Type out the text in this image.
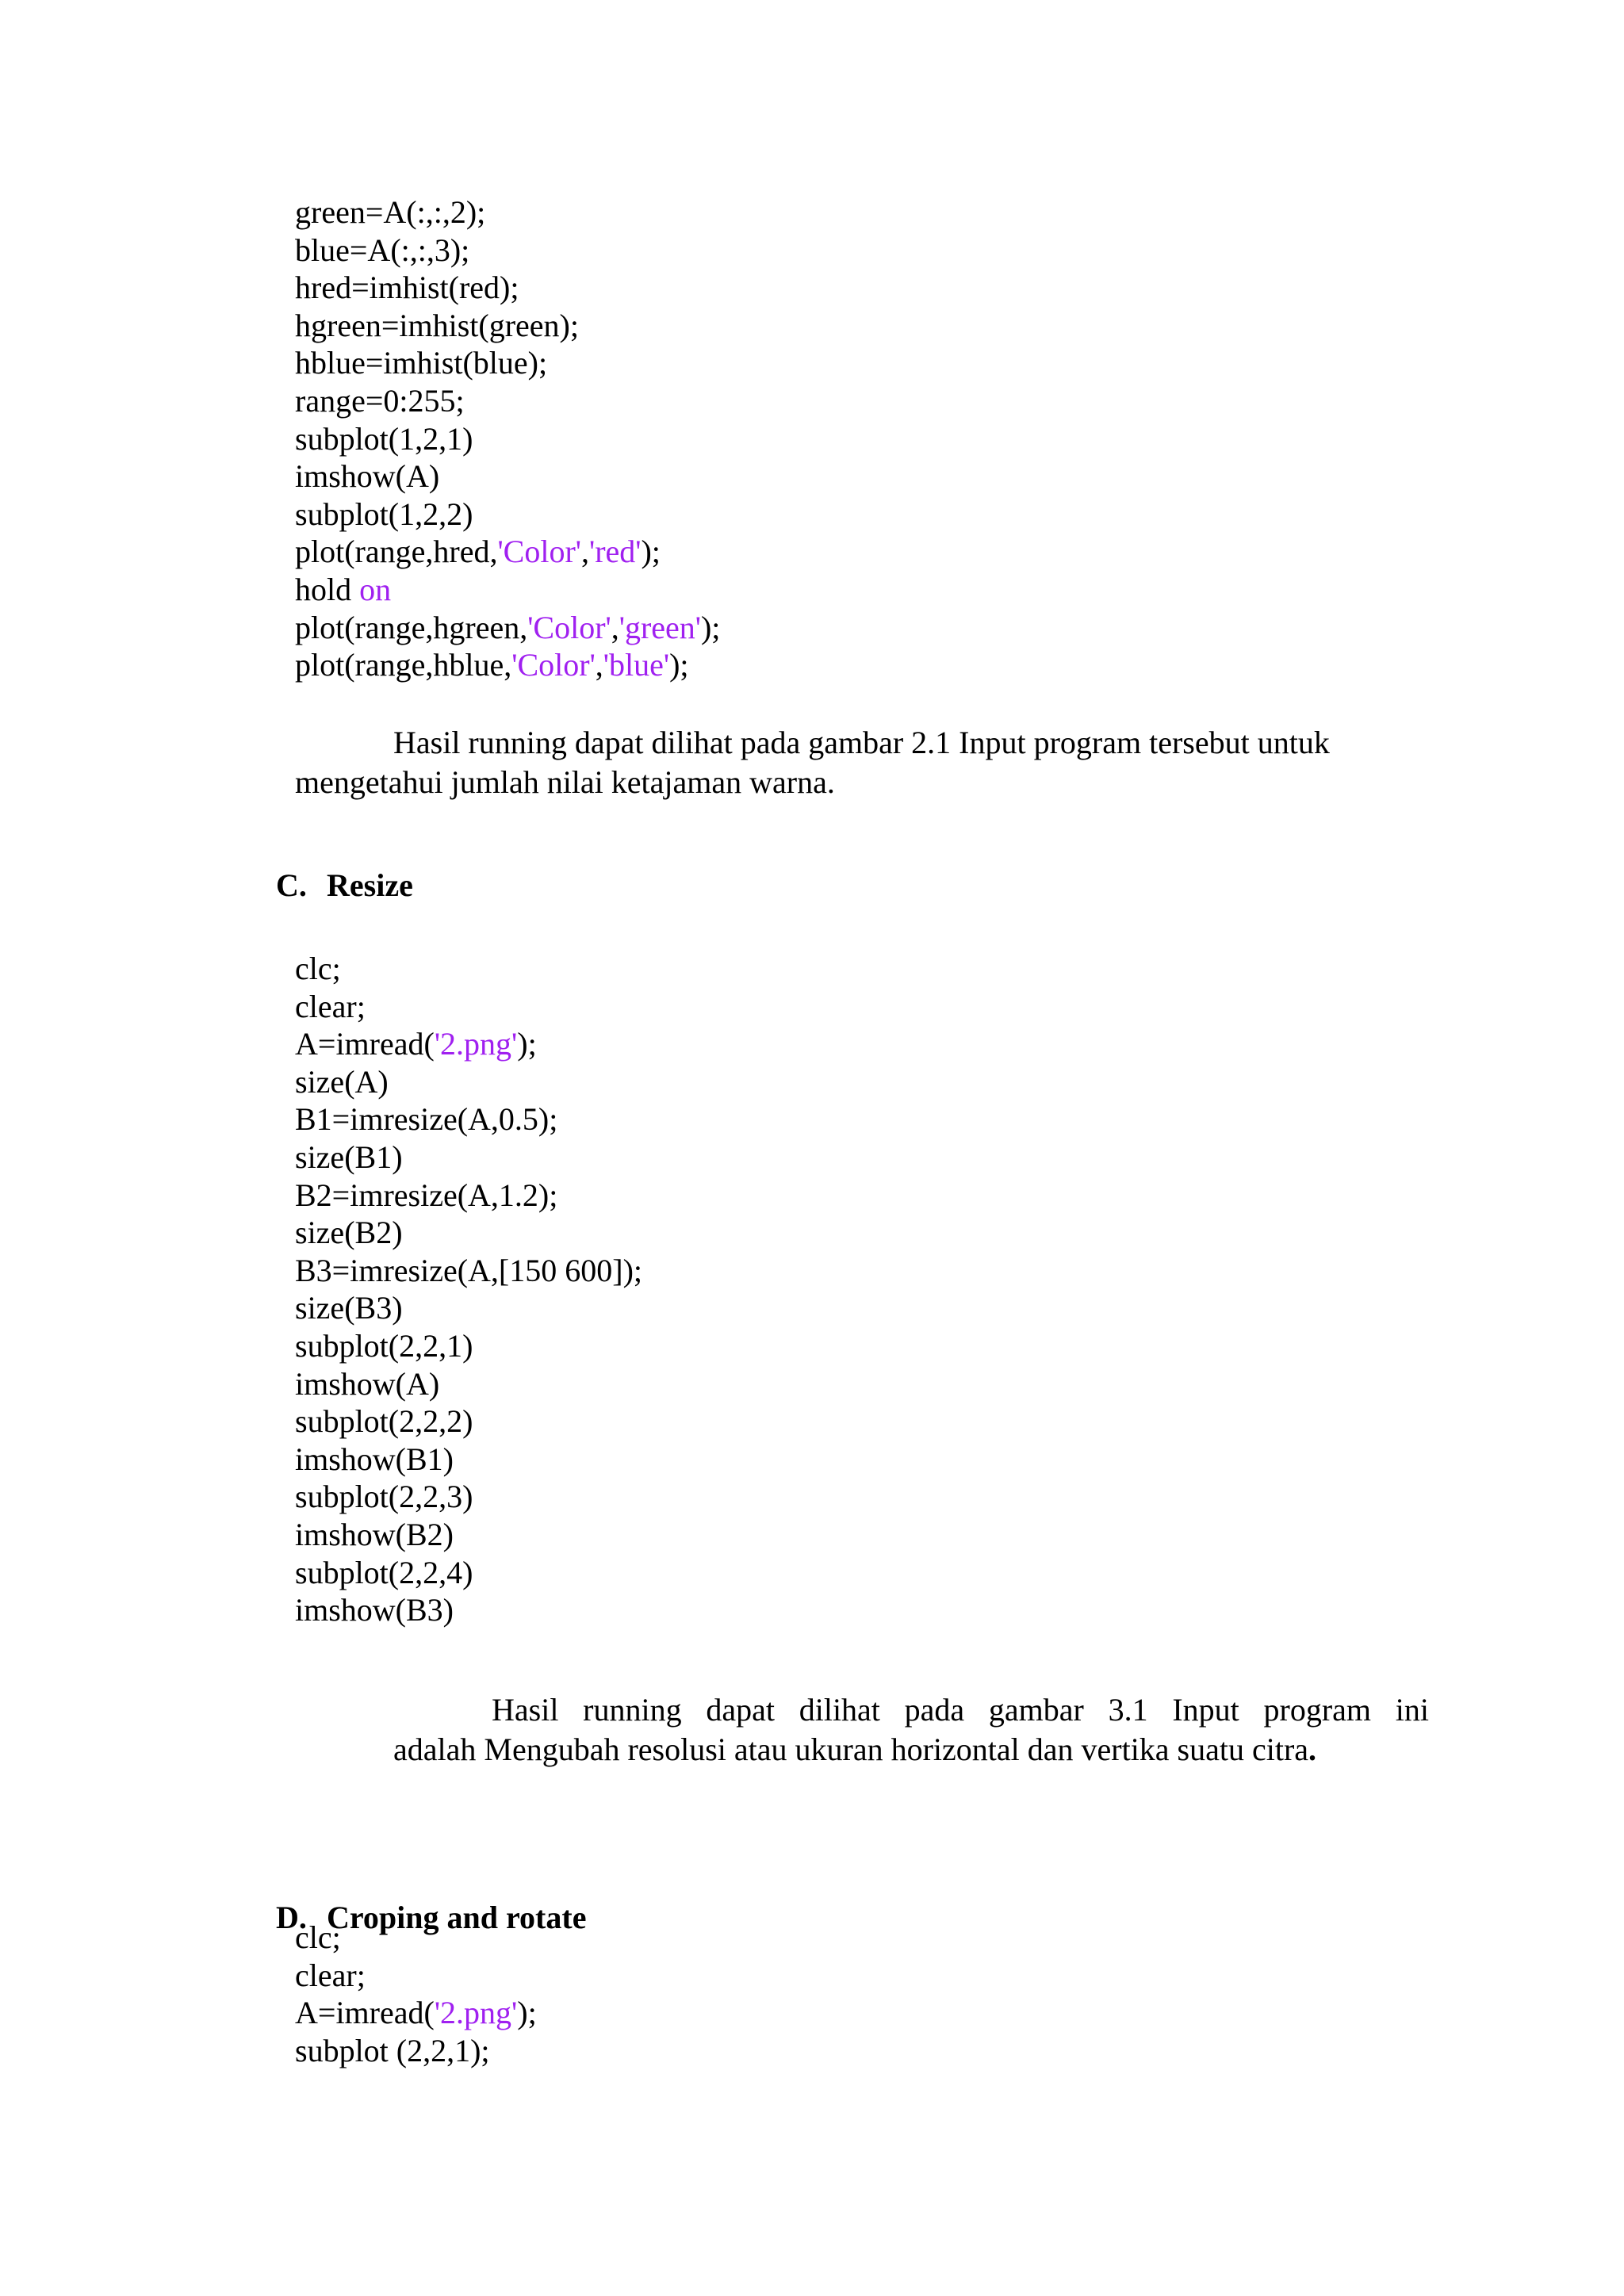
green=A(:,:,2);
blue=A(:,:,3);
hred=imhist(red);
hgreen=imhist(green);
hblue=imhist(blue);
range=0:255;
subplot(1,2,1)
imshow(A)
subplot(1,2,2)
plot(range,hred,'Color','red');
hold on
plot(range,hgreen,'Color','green');
plot(range,hblue,'Color','blue');
Hasil running dapat dilihat pada gambar 2.1 Input program tersebut untuk
mengetahui jumlah nilai ketajaman warna.

C. Resize

clc;
clear;
A=imread('2.png');
size(A)
B1=imresize(A,0.5);
size(B1)
B2=imresize(A,1.2);
size(B2)
B3=imresize(A,[150 600]);
size(B3)
subplot(2,2,1)
imshow(A)
subplot(2,2,2)
imshow(B1)
subplot(2,2,3)
imshow(B2)
subplot(2,2,4)
imshow(B3)
Hasil running dapat dilihat pada gambar 3.1 Input program ini
adalah Mengubah resolusi atau ukuran horizontal dan vertika suatu citra.

D. Croping and rotate

clc;
clear;
A=imread('2.png');
subplot (2,2,1);
